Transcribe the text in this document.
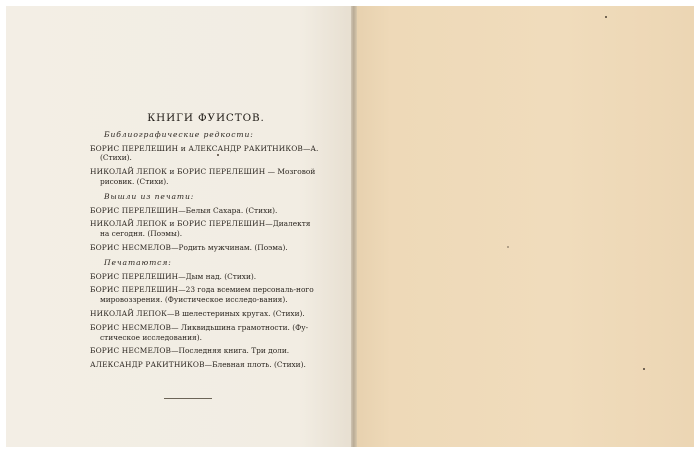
КНИГИ ФУИСТОВ.
Библиографические редкости:
БОРИС ПЕРЕЛЕШИН и АЛЕКСАНДР РАКИТНИКОВ—А. (Стихи).
НИКОЛАЙ ЛЕПОК и БОРИС ПЕРЕЛЕШИН — Мозговой рисовик. (Стихи).
Вышли из печати:
БОРИС ПЕРЕЛЕШИН—Белыя Сахара. (Стихи).
НИКОЛАЙ ЛЕПОК и БОРИС ПЕРЕЛЕШИН—Диалектя на сегодня. (Поэмы).
БОРИС НЕСМЕЛОВ—Родить мужчинам. (Поэма).
Печатаются:
БОРИС ПЕРЕЛЕШИН—Дым над. (Стихи).
БОРИС ПЕРЕЛЕШИН—23 года всемием персональ-ного мировоззрения. (Фуистическое исследо-вания).
НИКОЛАЙ ЛЕПОК—В шелестериных кругах. (Стихи).
БОРИС НЕСМЕЛОВ— Ликвидьшина грамотности. (Фу-стическое исследования).
БОРИС НЕСМЕЛОВ—Последняя книга. Три доли.
АЛЕКСАНДР РАКИТНИКОВ—Блевная плоть. (Стихи).
